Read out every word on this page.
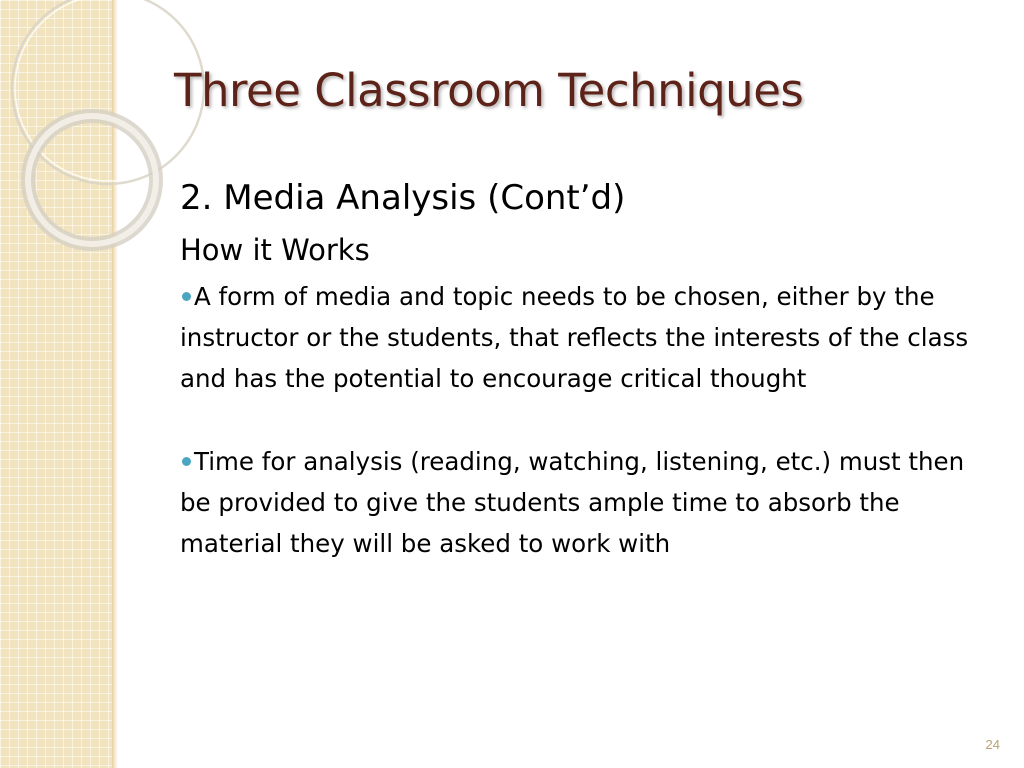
Three Classroom Techniques

2. Media Analysis (Cont’d)

How it Works

A form of media and topic needs to be chosen, either by the instructor or the students, that reflects the interests of the class and has the potential to encourage critical thought

Time for analysis (reading, watching, listening, etc.) must then be provided to give the students ample time to absorb the material they will be asked to work with

24
